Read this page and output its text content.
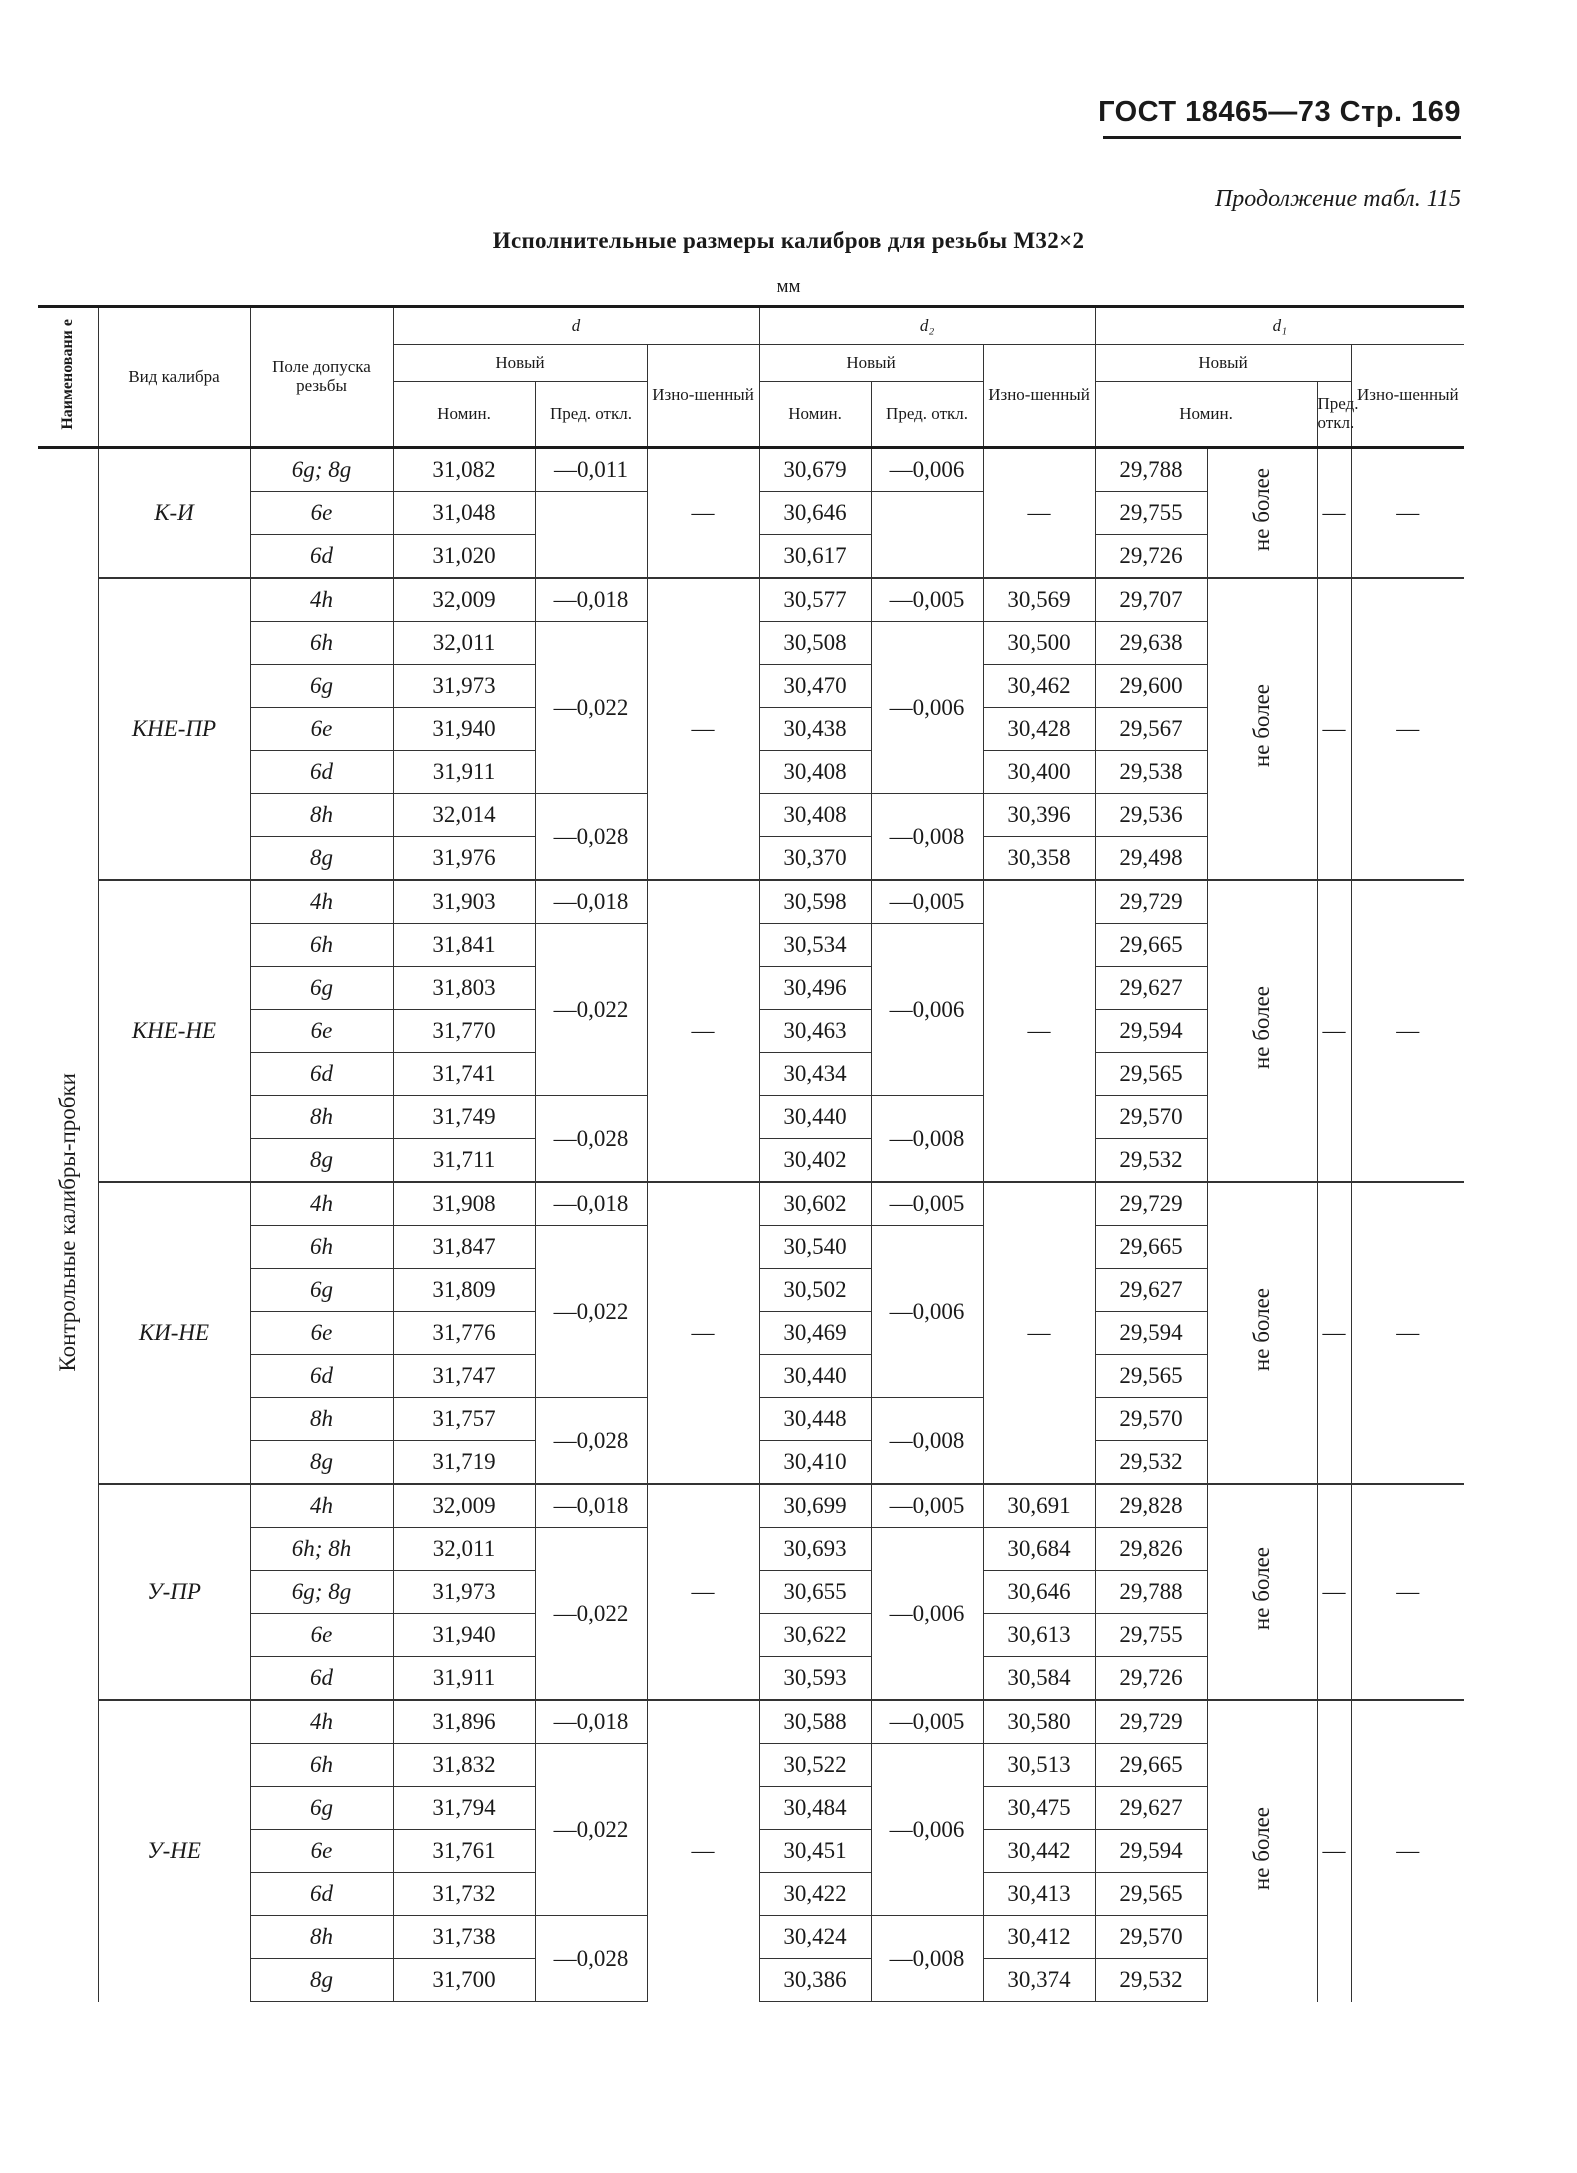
ГОСТ 18465—73 Стр. 169
Продолжение табл. 115
Исполнительные размеры калибров для резьбы М32×2
мм
Наименовани е	Вид калибра	Поле допуска резьбы	d			d₂			d₁			
			Новый		Изно-шенный	Новый		Изно-шенный	Новый			Изно-шенный
			Номин.	Пред. откл.		Номин.	Пред. откл.		Номин.		Пред. откл.	
Контрольные калибры-пробки	К-И	6g; 8g	31,082	—0,011	—	30,679	—0,006	—	29,788	не более	—	—
		6e	31,048			30,646			29,755			
		6d	31,020			30,617			29,726			
	КНЕ-ПР	4h	32,009	—0,018	—	30,577	—0,005	30,569	29,707	не более	—	—
		6h	32,011	—0,022		30,508	—0,006	30,500	29,638			
		6g	31,973			30,470		30,462	29,600			
		6e	31,940			30,438		30,428	29,567			
		6d	31,911			30,408		30,400	29,538			
		8h	32,014	—0,028		30,408	—0,008	30,396	29,536			
		8g	31,976			30,370		30,358	29,498			
	КНЕ-НЕ	4h	31,903	—0,018	—	30,598	—0,005	—	29,729	не более	—	—
		6h	31,841	—0,022		30,534	—0,006		29,665			
		6g	31,803			30,496			29,627			
		6e	31,770			30,463			29,594			
		6d	31,741			30,434			29,565			
		8h	31,749	—0,028		30,440	—0,008		29,570			
		8g	31,711			30,402			29,532			
	КИ-НЕ	4h	31,908	—0,018	—	30,602	—0,005	—	29,729	не более	—	—
		6h	31,847	—0,022		30,540	—0,006		29,665			
		6g	31,809			30,502			29,627			
		6e	31,776			30,469			29,594			
		6d	31,747			30,440			29,565			
		8h	31,757	—0,028		30,448	—0,008		29,570			
		8g	31,719			30,410			29,532			
	У-ПР	4h	32,009	—0,018	—	30,699	—0,005	30,691	29,828	не более	—	—
		6h; 8h	32,011	—0,022		30,693	—0,006	30,684	29,826			
		6g; 8g	31,973			30,655		30,646	29,788			
		6e	31,940			30,622		30,613	29,755			
		6d	31,911			30,593		30,584	29,726			
	У-НЕ	4h	31,896	—0,018	—	30,588	—0,005	30,580	29,729	не более	—	—
		6h	31,832	—0,022		30,522	—0,006	30,513	29,665			
		6g	31,794			30,484		30,475	29,627			
		6e	31,761			30,451		30,442	29,594			
		6d	31,732			30,422		30,413	29,565			
		8h	31,738	—0,028		30,424	—0,008	30,412	29,570			
		8g	31,700			30,386		30,374	29,532			
